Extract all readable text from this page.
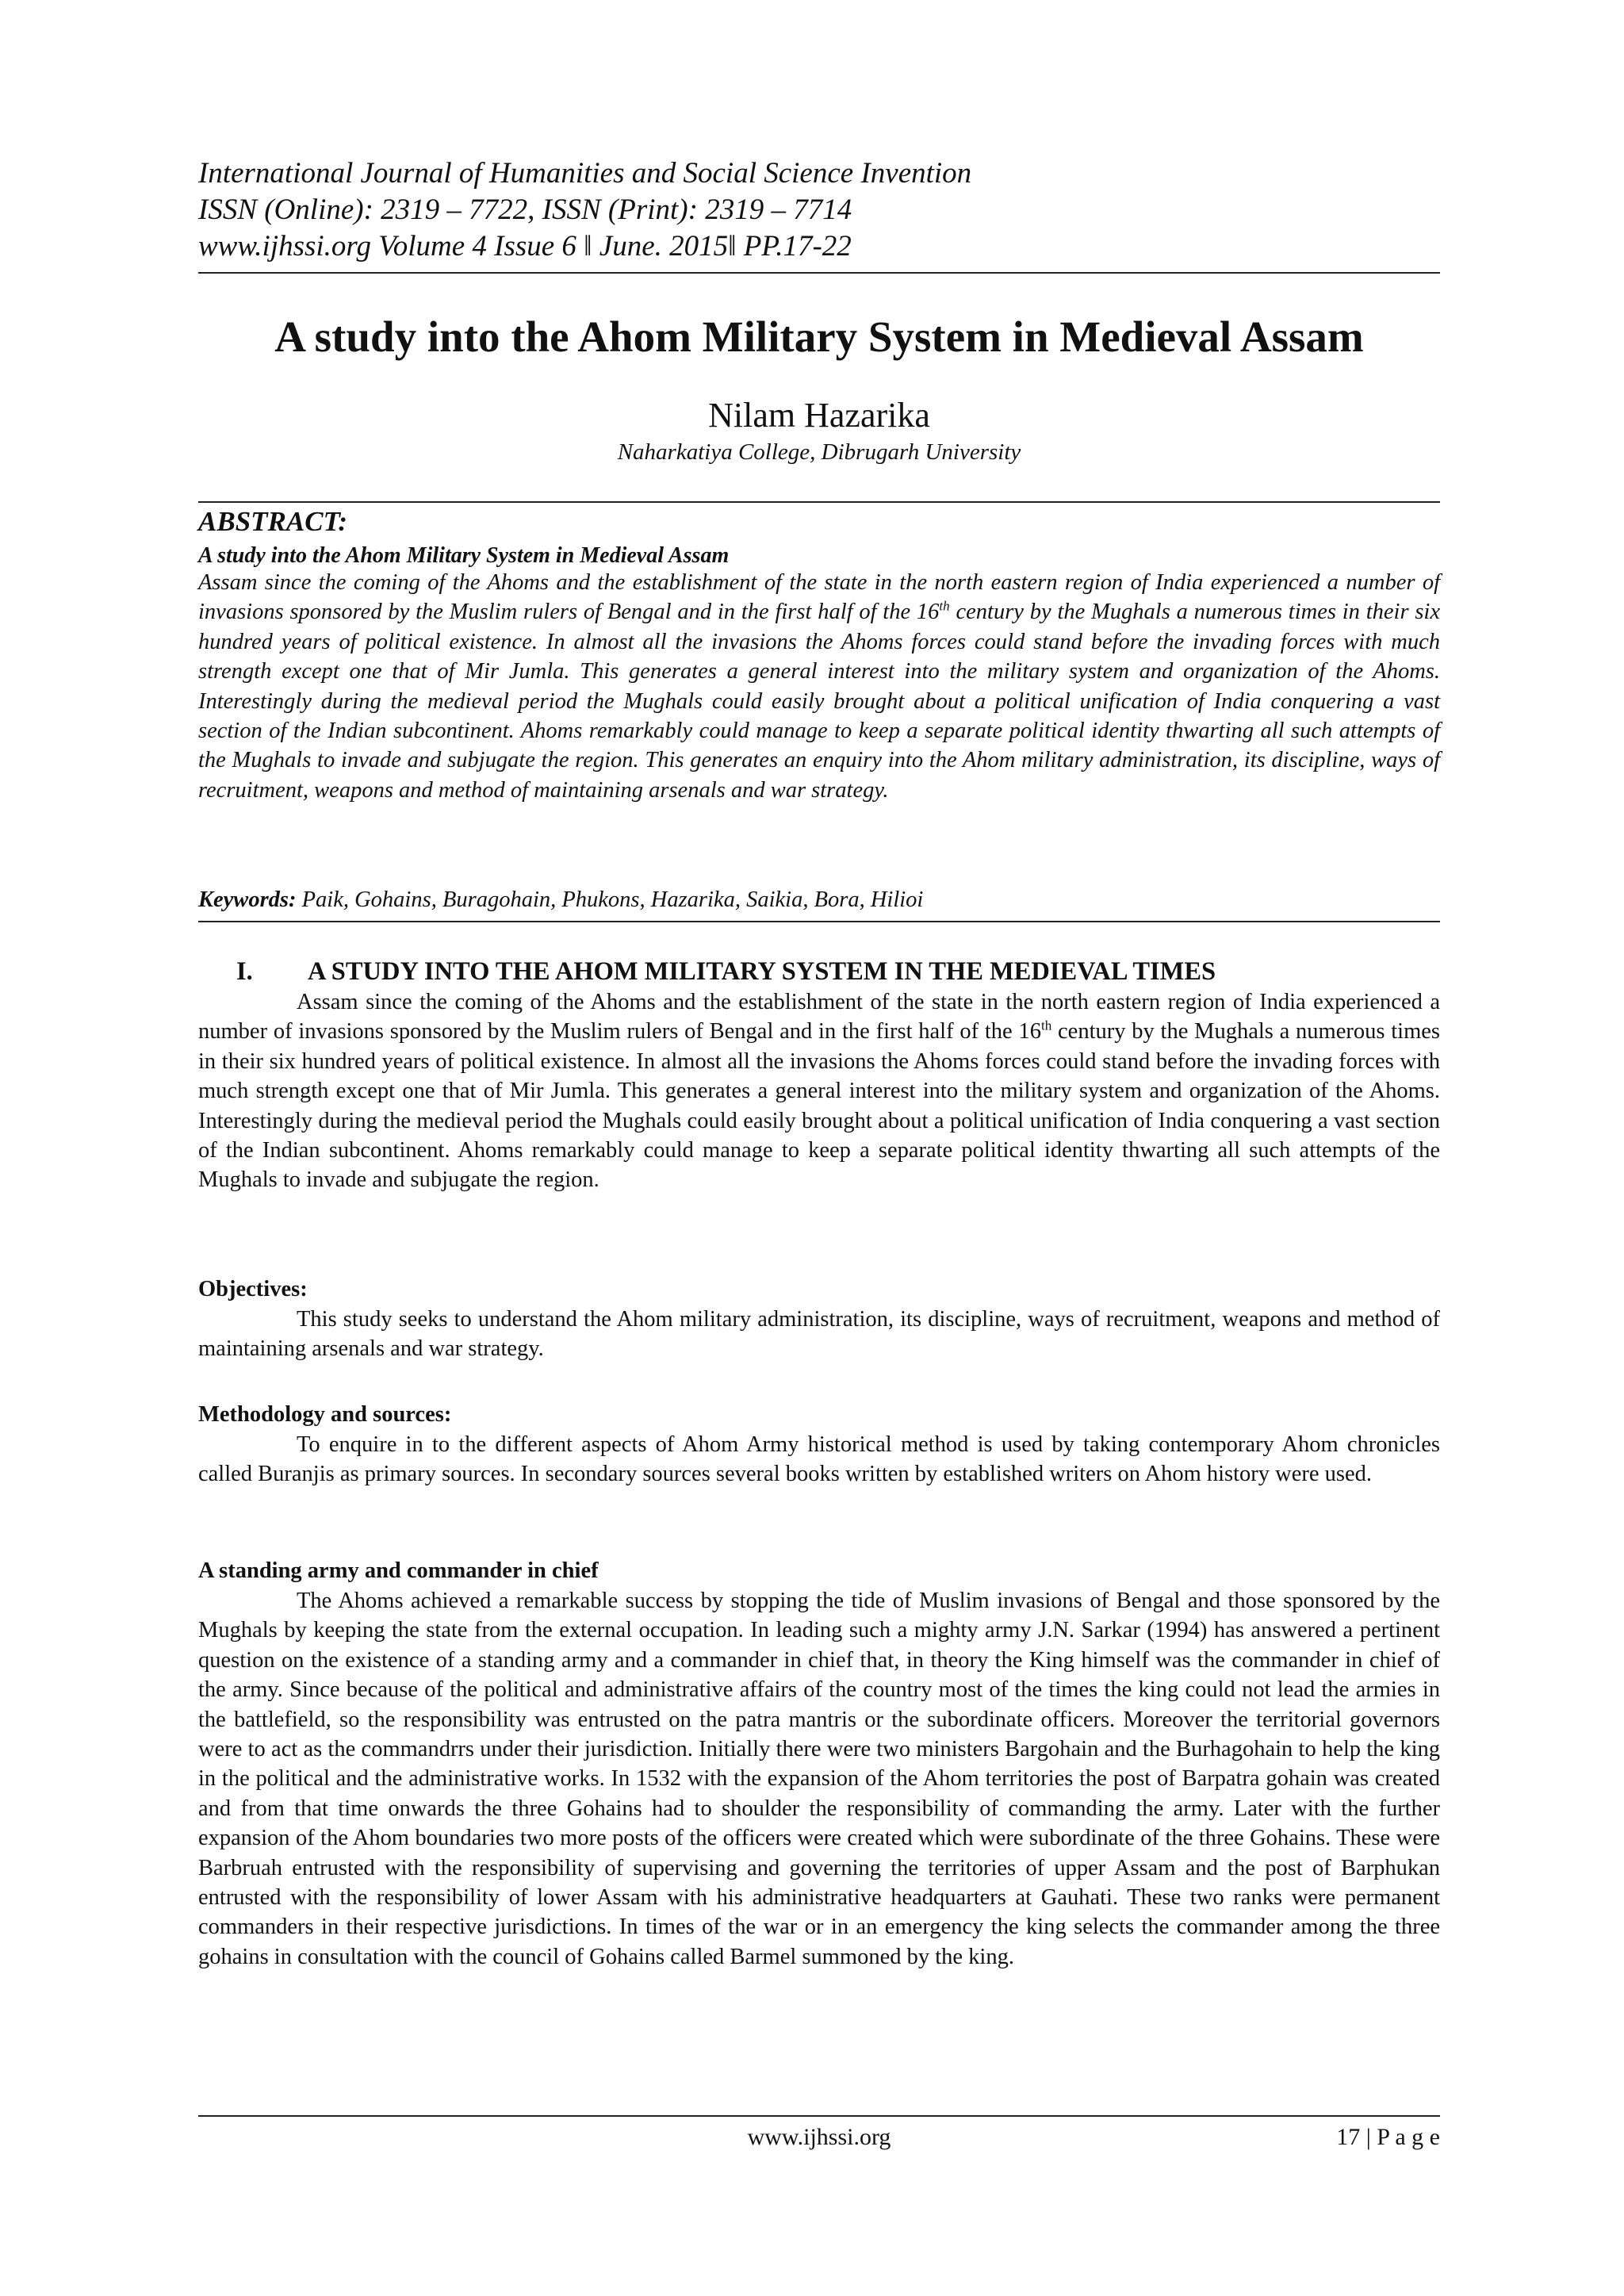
International Journal of Humanities and Social Science Invention
ISSN (Online): 2319 – 7722, ISSN (Print): 2319 – 7714
www.ijhssi.org Volume 4 Issue 6 ǁ June. 2015ǁ PP.17-22
A study into the Ahom Military System in Medieval Assam
Nilam Hazarika
Naharkatiya College, Dibrugarh University
ABSTRACT:
A study into the Ahom Military System in Medieval Assam

Assam since the coming of the Ahoms and the establishment of the state in the north eastern region of India experienced a number of invasions sponsored by the Muslim rulers of Bengal and in the first half of the 16th century by the Mughals a numerous times in their six hundred years of political existence. In almost all the invasions the Ahoms forces could stand before the invading forces with much strength except one that of Mir Jumla. This generates a general interest into the military system and organization of the Ahoms. Interestingly during the medieval period the Mughals could easily brought about a political unification of India conquering a vast section of the Indian subcontinent. Ahoms remarkably could manage to keep a separate political identity thwarting all such attempts of the Mughals to invade and subjugate the region. This generates an enquiry into the Ahom military administration, its discipline, ways of recruitment, weapons and method of maintaining arsenals and war strategy.

Keywords: Paik, Gohains, Buragohain, Phukons, Hazarika, Saikia, Bora, Hilioi
I. A STUDY INTO THE AHOM MILITARY SYSTEM IN THE MEDIEVAL TIMES

Assam since the coming of the Ahoms and the establishment of the state in the north eastern region of India experienced a number of invasions sponsored by the Muslim rulers of Bengal and in the first half of the 16th century by the Mughals a numerous times in their six hundred years of political existence. In almost all the invasions the Ahoms forces could stand before the invading forces with much strength except one that of Mir Jumla. This generates a general interest into the military system and organization of the Ahoms. Interestingly during the medieval period the Mughals could easily brought about a political unification of India conquering a vast section of the Indian subcontinent. Ahoms remarkably could manage to keep a separate political identity thwarting all such attempts of the Mughals to invade and subjugate the region.

Objectives:

This study seeks to understand the Ahom military administration, its discipline, ways of recruitment, weapons and method of maintaining arsenals and war strategy.

Methodology and sources:

To enquire in to the different aspects of Ahom Army historical method is used by taking contemporary Ahom chronicles called Buranjis as primary sources. In secondary sources several books written by established writers on Ahom history were used.

A standing army and commander in chief

The Ahoms achieved a remarkable success by stopping the tide of Muslim invasions of Bengal and those sponsored by the Mughals by keeping the state from the external occupation. In leading such a mighty army J.N. Sarkar (1994) has answered a pertinent question on the existence of a standing army and a commander in chief that, in theory the King himself was the commander in chief of the army. Since because of the political and administrative affairs of the country most of the times the king could not lead the armies in the battlefield, so the responsibility was entrusted on the patra mantris or the subordinate officers. Moreover the territorial governors were to act as the commandrrs under their jurisdiction. Initially there were two ministers Bargohain and the Burhagohain to help the king in the political and the administrative works. In 1532 with the expansion of the Ahom territories the post of Barpatra gohain was created and from that time onwards the three Gohains had to shoulder the responsibility of commanding the army. Later with the further expansion of the Ahom boundaries two more posts of the officers were created which were subordinate of the three Gohains. These were Barbruah entrusted with the responsibility of supervising and governing the territories of upper Assam and the post of Barphukan entrusted with the responsibility of lower Assam with his administrative headquarters at Gauhati. These two ranks were permanent commanders in their respective jurisdictions. In times of the war or in an emergency the king selects the commander among the three gohains in consultation with the council of Gohains called Barmel summoned by the king.

www.ijhssi.org	17 | P a g e
